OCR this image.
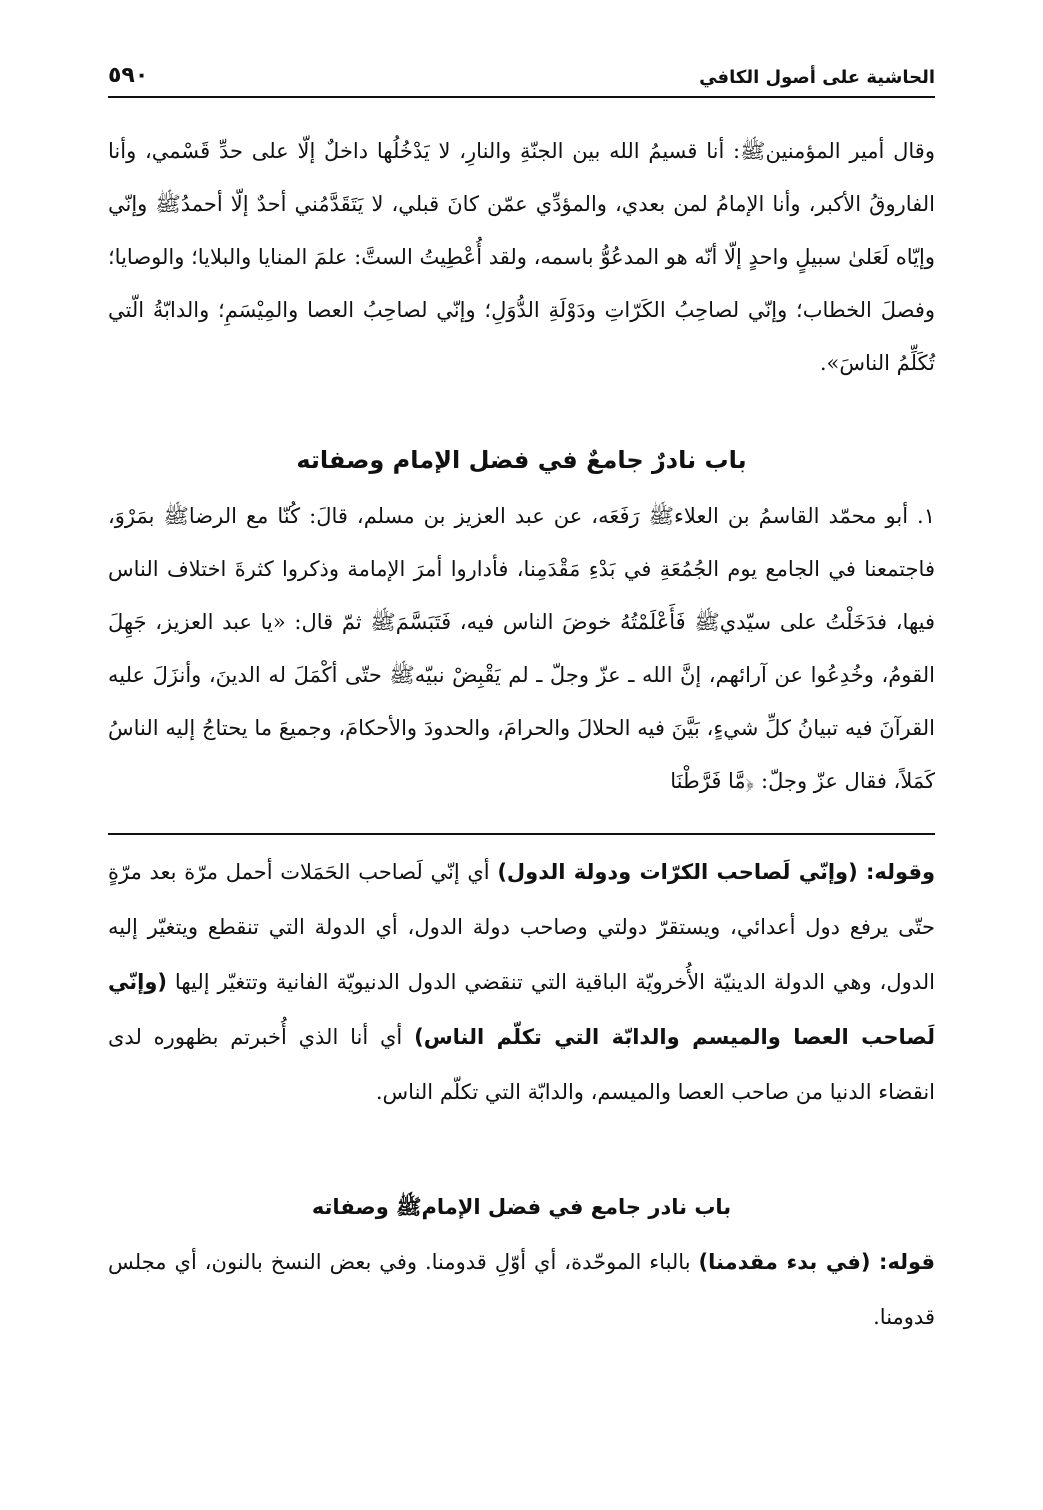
الحاشية على أصول الكافي
٥٩٠

وقال أمير المؤمنينﷺ: أنا قسيمُ الله بين الجنّةِ والنارِ، لا يَدْخُلُها داخلٌ إلّا على حدِّ قَسْمي، وأنا الفاروقُ الأكبر، وأنا الإمامُ لمن بعدي، والمؤدِّي عمّن كانَ قبلي، لا يَتَقَدَّمُني أحدٌ إلّا أحمدُﷺ وإنّي وإيّاه لَعَلىٰ سبيلٍ واحدٍ إلّا أنّه هو المدعُوُّ باسمه، ولقد أُعْطِيتُ الستَّ: علمَ المنايا والبلايا؛ والوصايا؛ وفصلَ الخطاب؛ وإنّي لصاحِبُ الكَرّاتِ ودَوْلَةِ الدُّوَلِ؛ وإنّي لصاحِبُ العصا والمِيْسَمِ؛ والدابّةُ الّتي تُكَلِّمُ الناسَ».

باب نادرٌ جامعٌ في فضل الإمام وصفاته

١. أبو محمّد القاسمُ بن العلاءﷺ رَفَعَه، عن عبد العزيز بن مسلم، قالَ: كُنّا مع الرضاﷺ بمَرْوَ، فاجتمعنا في الجامع يوم الجُمُعَةِ في بَدْءِ مَقْدَمِنا، فأداروا أمرَ الإمامة وذكروا كثرةَ اختلاف الناس فيها، فدَخَلْتُ على سيّديﷺ فَأَعْلَمْتُهُ خوضَ الناس فيه، فَتَبَسَّمَﷺ ثمّ قال: «يا عبد العزيز، جَهِلَ القومُ، وخُدِعُوا عن آرائهم، إنَّ الله ـ عزّ وجلّ ـ لم يَقْبِضْ نبيّهﷺ حتّى أكْمَلَ له الدينَ، وأنزَلَ عليه القرآنَ فيه تبيانُ كلِّ شيءٍ، بَيَّنَ فيه الحلالَ والحرامَ، والحدودَ والأحكامَ، وجميعَ ما يحتاجُ إليه الناسُ كَمَلاً، فقال عزّ وجلّ: ﴿مَّا فَرَّطْنَا

وقوله: (وإنّي لَصاحب الكرّات ودولة الدول) أي إنّي لَصاحب الحَمَلات أحمل مرّة بعد مرّةٍ حتّى يرفع دول أعدائي، ويستقرّ دولتي وصاحب دولة الدول، أي الدولة التي تنقطع ويتغيّر إليه الدول، وهي الدولة الدينيّة الأُخرويّة الباقية التي تنقضي الدول الدنيويّة الفانية وتتغيّر إليها (وإنّي لَصاحب العصا والميسم والدابّة التي تكلّم الناس) أي أنا الذي أُخبرتم بظهوره لدى انقضاء الدنيا من صاحب العصا والميسم، والدابّة التي تكلّم الناس.

باب نادر جامع في فضل الإمامﷺ وصفاته

قوله: (في بدء مقدمنا) بالباء الموحّدة، أي أوّلِ قدومنا. وفي بعض النسخ بالنون، أي مجلس قدومنا.
